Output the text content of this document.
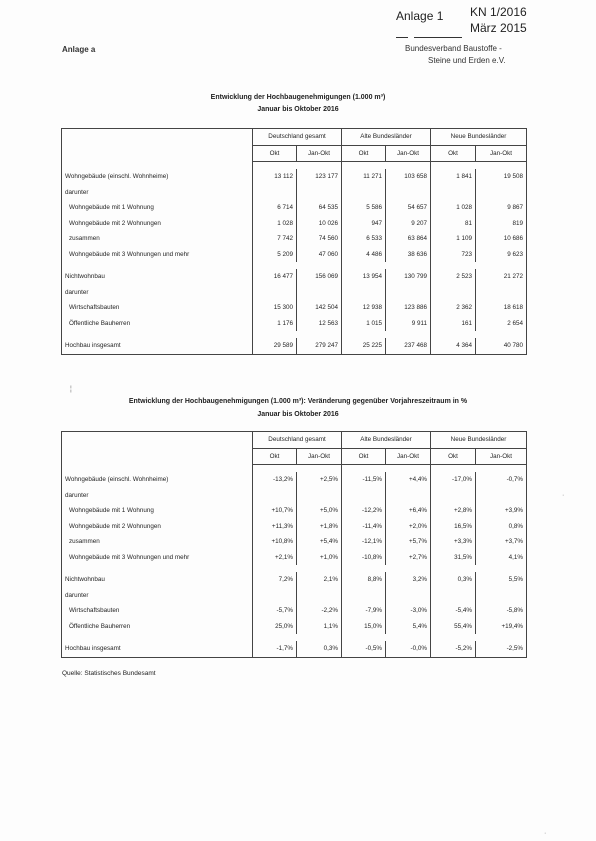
Anlage 1 KN 1/2016
März 2015
Anlage a	Bundesverband Baustoffe -
Steine und Erden e.V.
Entwicklung der Hochbaugenehmigungen (1.000 m³)
Januar bis Oktober 2016
	Deutschland gesamt		Alte Bundesländer		Neue Bundesländer	
	Okt	Jan-Okt	Okt	Jan-Okt	Okt	Jan-Okt

Wohngebäude (einschl. Wohnheime)	13 112	123 177	11 271	103 658	1 841	19 508
darunter						
Wohngebäude mit 1 Wohnung	6 714	64 535	5 586	54 657	1 028	9 867
Wohngebäude mit 2 Wohnungen	1 028	10 026	947	9 207	81	819
zusammen	7 742	74 560	6 533	63 864	1 109	10 686
Wohngebäude mit 3 Wohnungen und mehr	5 209	47 060	4 486	38 636	723	9 623

Nichtwohnbau	16 477	156 069	13 954	130 799	2 523	21 272
darunter						
Wirtschaftsbauten	15 300	142 504	12 938	123 886	2 362	18 618
Öffentliche Bauherren	1 176	12 563	1 015	9 911	161	2 654

Hochbau insgesamt	29 589	279 247	25 225	237 468	4 364	40 780
¦
·
·
Entwicklung der Hochbaugenehmigungen (1.000 m³): Veränderung gegenüber Vorjahreszeitraum in %
Januar bis Oktober 2016
	Deutschland gesamt		Alte Bundesländer		Neue Bundesländer	
	Okt	Jan-Okt	Okt	Jan-Okt	Okt	Jan-Okt

Wohngebäude (einschl. Wohnheime)	-13,2%	+2,5%	-11,5%	+4,4%	-17,0%	-0,7%
darunter						
Wohngebäude mit 1 Wohnung	+10,7%	+5,0%	-12,2%	+6,4%	+2,8%	+3,9%
Wohngebäude mit 2 Wohnungen	+11,3%	+1,8%	-11,4%	+2,0%	16,5%	0,8%
zusammen	+10,8%	+5,4%	-12,1%	+5,7%	+3,3%	+3,7%
Wohngebäude mit 3 Wohnungen und mehr	+2,1%	+1,0%	-10,8%	+2,7%	31,5%	4,1%

Nichtwohnbau	7,2%	2,1%	8,8%	3,2%	0,3%	5,5%
darunter						
Wirtschaftsbauten	-5,7%	-2,2%	-7,9%	-3,0%	-5,4%	-5,8%
Öffentliche Bauherren	25,0%	1,1%	15,0%	5,4%	55,4%	+19,4%

Hochbau insgesamt	-1,7%	0,3%	-0,5%	-0,0%	-5,2%	-2,5%
Quelle: Statistisches Bundesamt
